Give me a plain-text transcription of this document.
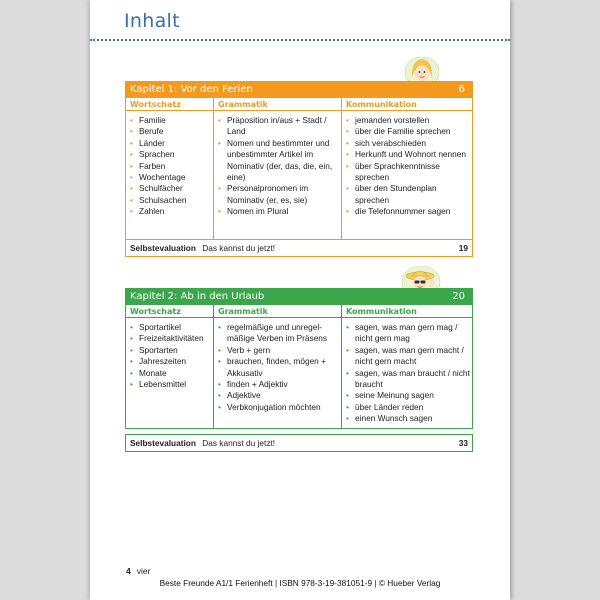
Inhalt
Kapitel 1: Vor den Ferien	6
Wortschatz
• Familie
• Berufe
• Länder
• Sprachen
• Farben
• Wochentage
• Schulfächer
• Schulsachen
• Zahlen
Grammatik
• Präposition in/aus + Stadt / Land
• Nomen und bestimmter und unbestimmter Artikel im Nominativ (der, das, die, ein, eine)
• Personalpronomen im Nominativ (er, es, sie)
• Nomen im Plural
Kommunikation
• jemanden vorstellen
• über die Familie sprechen
• sich verabschieden
• Herkunft und Wohnort nennen
• über Sprachkenntnisse sprechen
• über den Stundenplan sprechen
• die Telefonnummer sagen
Selbstevaluation Das kannst du jetzt!	19
Kapitel 2: Ab in den Urlaub	20
Wortschatz
• Sportartikel
• Freizeitaktivitäten
• Sportarten
• Jahreszeiten
• Monate
• Lebensmittel
Grammatik
• regelmäßige und unregel-mäßige Verben im Präsens
• Verb + gern
• brauchen, finden, mögen + Akkusativ
• finden + Adjektiv
• Adjektive
• Verbkonjugation möchten
Kommunikation
• sagen, was man gern mag / nicht gern mag
• sagen, was man gern macht / nicht gern macht
• sagen, was man braucht / nicht braucht
• seine Meinung sagen
• über Länder reden
• einen Wunsch sagen
Selbstevaluation Das kannst du jetzt!	33
4 vier
Beste Freunde A1/1 Ferienheft | ISBN 978-3-19-381051-9 | © Hueber Verlag
